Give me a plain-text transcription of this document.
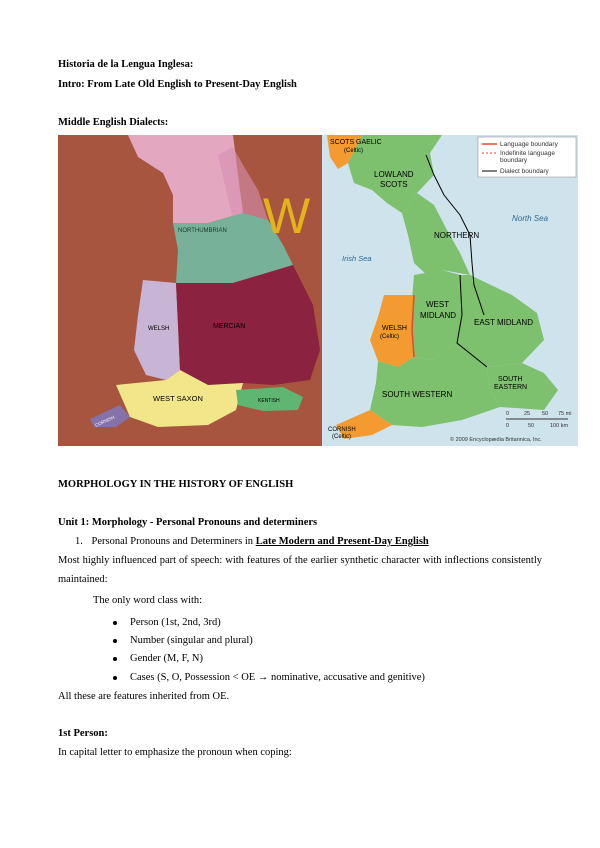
Historia de la Lengua Inglesa:
Intro: From Late Old English to Present-Day English
Middle English Dialects:
W
NORTHUMBRIAN
WELSH	MERCIAN
WEST SAXON	KENTISH
CORNISH
Language boundary
Indefinite language
boundary
Dialect boundary
SCOTS GAELIC
(Celtic)
LOWLAND
SCOTS
NORTHERN
North Sea
Irish Sea
WEST
MIDLAND
EAST MIDLAND
WELSH
(Celtic)
SOUTH
EASTERN
SOUTH WESTERN
CORNISH
(Celtic)
0	25 50 75 mi
0	50	100 km
© 2009 Encyclopædia Britannica, Inc.
MORPHOLOGY IN THE HISTORY OF ENGLISH
Unit 1: Morphology - Personal Pronouns and determiners
1. Personal Pronouns and Determiners in Late Modern and Present-Day English
Most highly influenced part of speech: with features of the earlier synthetic character with inflections consistently maintained:
The only word class with:
Person (1st, 2nd, 3rd)
Number (singular and plural)
Gender (M, F, N)
Cases (S, O, Possession < OE → nominative, accusative and genitive)
All these are features inherited from OE.
1st Person:
In capital letter to emphasize the pronoun when coping:
